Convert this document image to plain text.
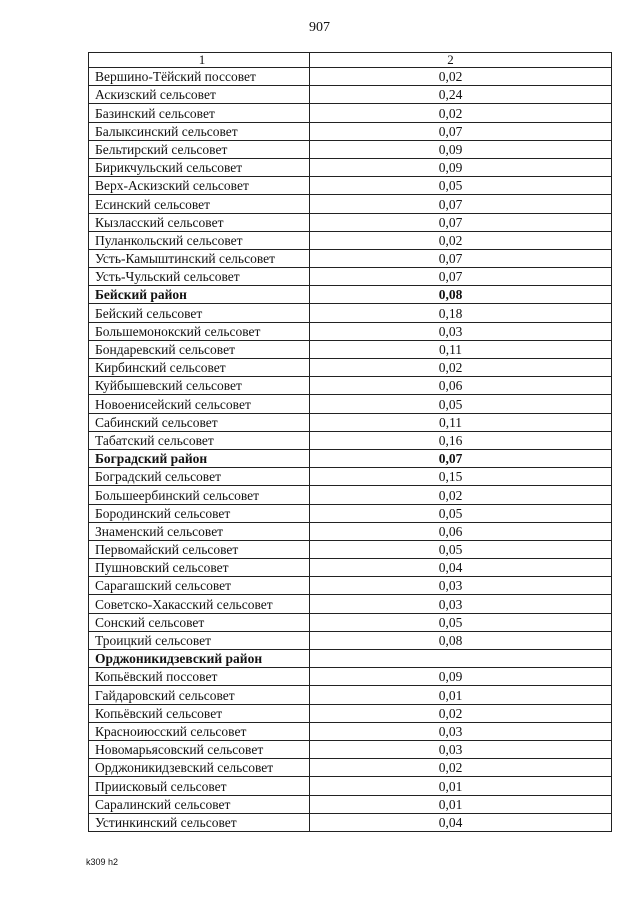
907
1	2
Вершино-Тёйский поссовет	0,02
Аскизский сельсовет	0,24
Базинский сельсовет	0,02
Балыксинский сельсовет	0,07
Бельтирский сельсовет	0,09
Бирикчульский сельсовет	0,09
Верх-Аскизский сельсовет	0,05
Есинский сельсовет	0,07
Кызласский сельсовет	0,07
Пуланкольский сельсовет	0,02
Усть-Камыштинский сельсовет	0,07
Усть-Чульский сельсовет	0,07
Бейский район	0,08
Бейский сельсовет	0,18
Большемонокский сельсовет	0,03
Бондаревский сельсовет	0,11
Кирбинский сельсовет	0,02
Куйбышевский сельсовет	0,06
Новоенисейский сельсовет	0,05
Сабинский сельсовет	0,11
Табатский сельсовет	0,16
Боградский район	0,07
Боградский сельсовет	0,15
Большеербинский сельсовет	0,02
Бородинский сельсовет	0,05
Знаменский сельсовет	0,06
Первомайский сельсовет	0,05
Пушновский сельсовет	0,04
Сарагашский сельсовет	0,03
Советско-Хакасский сельсовет	0,03
Сонский сельсовет	0,05
Троицкий сельсовет	0,08
Орджоникидзевский район	
Копьёвский поссовет	0,09
Гайдаровский сельсовет	0,01
Копьёвский сельсовет	0,02
Красноиюсский сельсовет	0,03
Новомарьясовский сельсовет	0,03
Орджоникидзевский сельсовет	0,02
Приисковый сельсовет	0,01
Саралинский сельсовет	0,01
Устинкинский сельсовет	0,04
k309 h2
